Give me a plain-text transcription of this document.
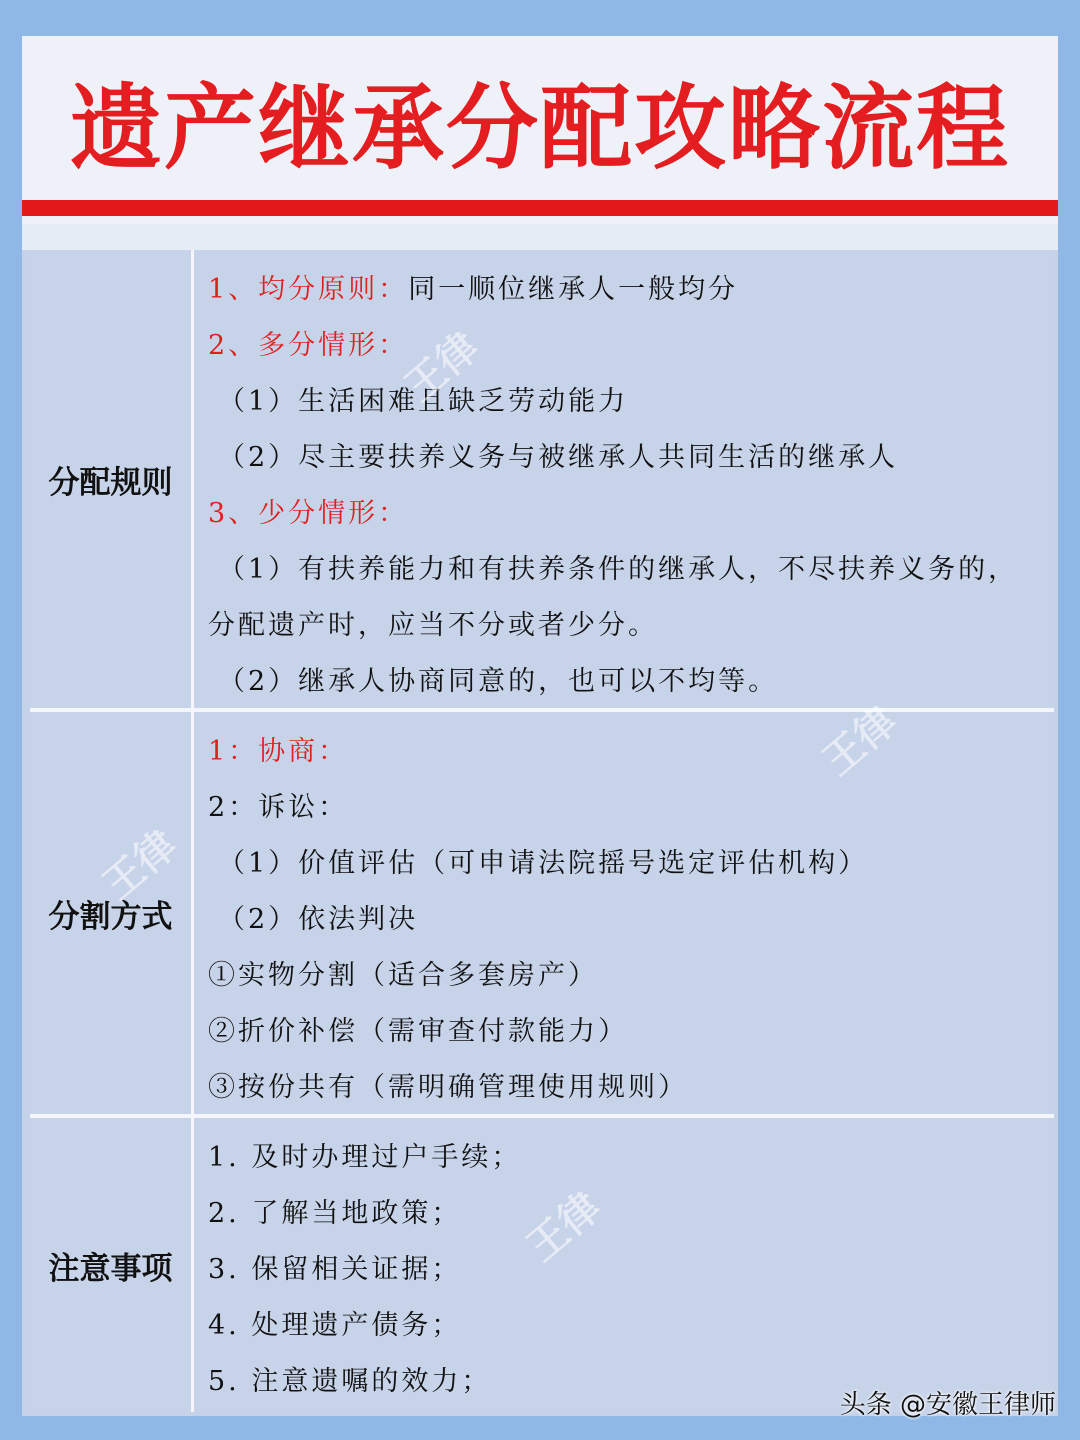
遗产继承分配攻略流程
分配规则
1、均分原则：同一顺位继承人一般均分
2、多分情形：
（1）生活困难且缺乏劳动能力
（2）尽主要扶养义务与被继承人共同生活的继承人
3、少分情形：
（1）有扶养能力和有扶养条件的继承人，不尽扶养义务的，
分配遗产时，应当不分或者少分。
（2）继承人协商同意的，也可以不均等。
分割方式
1：协商：
2：诉讼：
（1）价值评估（可申请法院摇号选定评估机构）
（2）依法判决
①实物分割（适合多套房产）
②折价补偿（需审查付款能力）
③按份共有（需明确管理使用规则）
注意事项
1. 及时办理过户手续；
2. 了解当地政策；
3. 保留相关证据；
4. 处理遗产债务；
5. 注意遗嘱的效力；
王律
王律
王律
王律
头条 @安徽王律师
